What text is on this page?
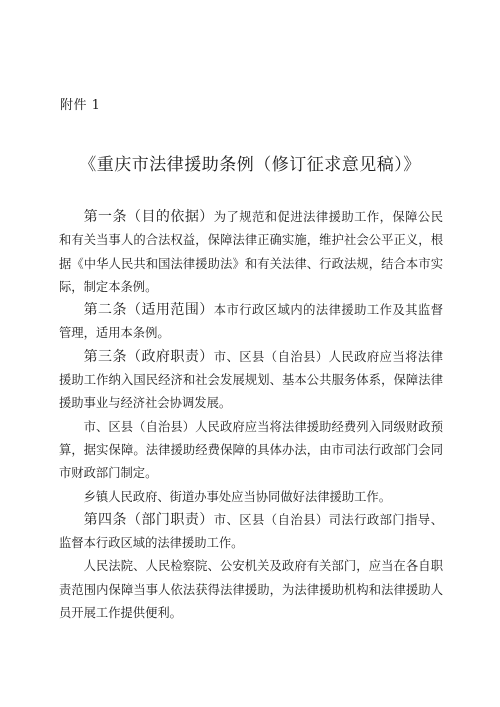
附件 1
《重庆市法律援助条例（修订征求意见稿）》

第一条（目的依据）为了规范和促进法律援助工作，保障公民和有关当事人的合法权益，保障法律正确实施，维护社会公平正义，根据《中华人民共和国法律援助法》和有关法律、行政法规，结合本市实际，制定本条例。

第二条（适用范围）本市行政区域内的法律援助工作及其监督管理，适用本条例。

第三条（政府职责）市、区县（自治县）人民政府应当将法律援助工作纳入国民经济和社会发展规划、基本公共服务体系，保障法律援助事业与经济社会协调发展。

市、区县（自治县）人民政府应当将法律援助经费列入同级财政预算，据实保障。法律援助经费保障的具体办法，由市司法行政部门会同市财政部门制定。

乡镇人民政府、街道办事处应当协同做好法律援助工作。

第四条（部门职责）市、区县（自治县）司法行政部门指导、监督本行政区域的法律援助工作。

人民法院、人民检察院、公安机关及政府有关部门，应当在各自职责范围内保障当事人依法获得法律援助，为法律援助机构和法律援助人员开展工作提供便利。
